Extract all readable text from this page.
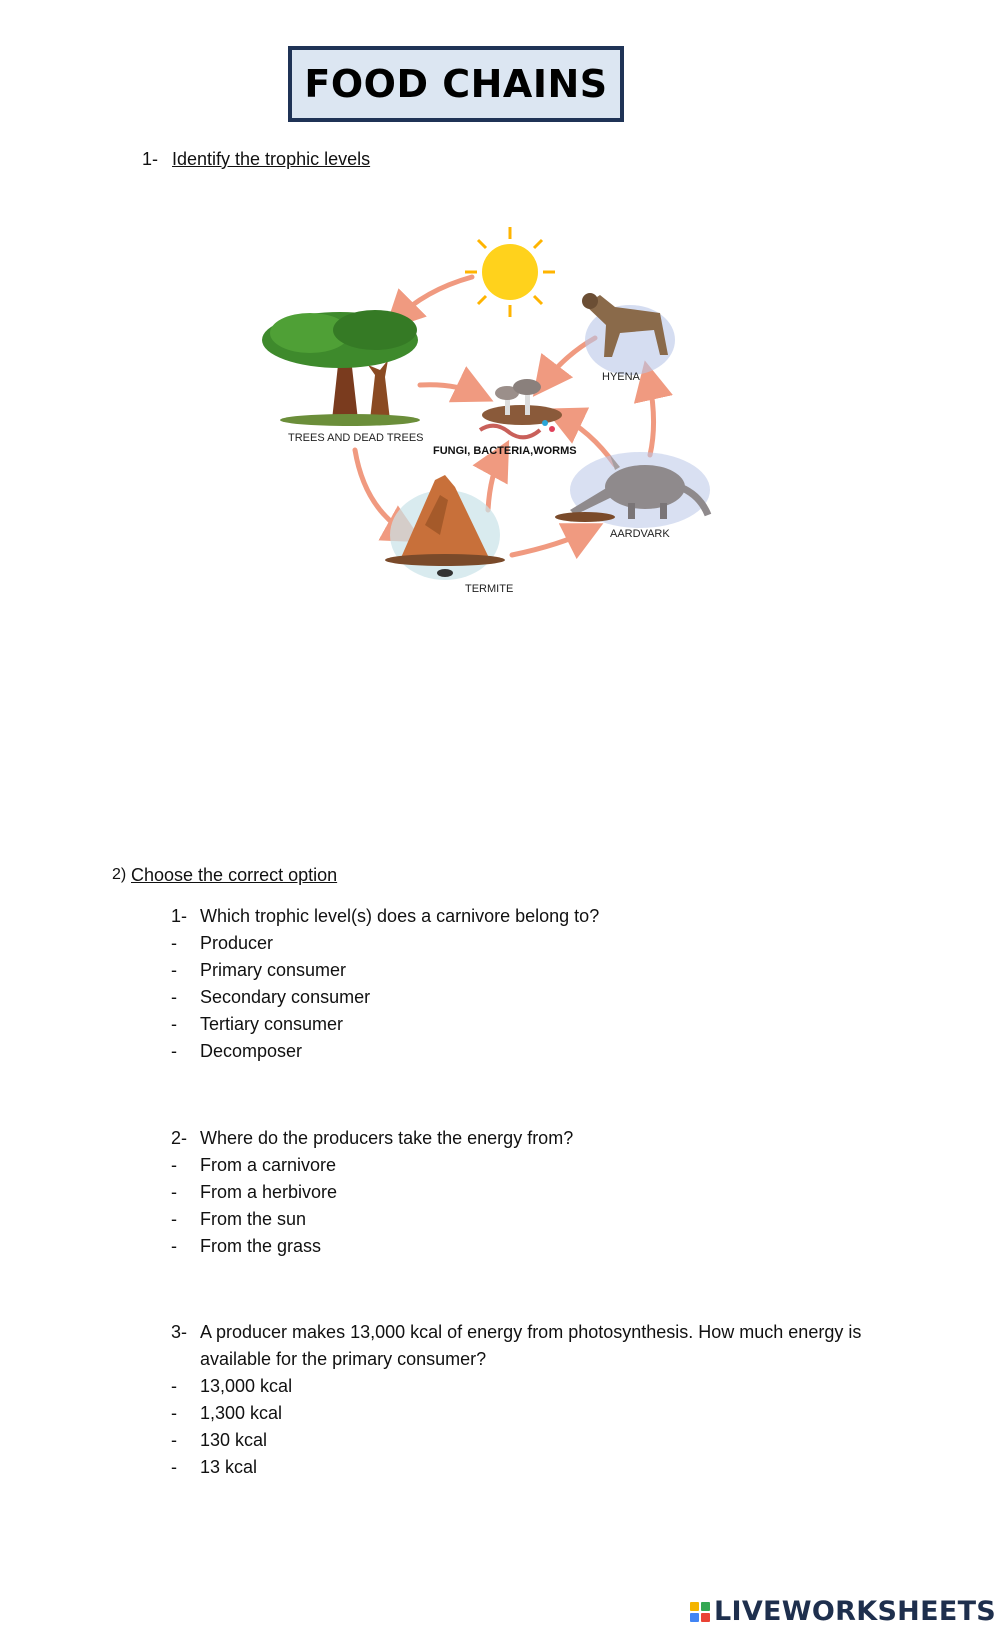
FOOD CHAINS
1- Identify the trophic levels
TREES AND DEAD TREES
FUNGI, BACTERIA,WORMS
HYENA
AARDVARK
TERMITE
2) Choose the correct option
1- Which trophic level(s) does a carnivore belong to?
- Producer
- Primary consumer
- Secondary consumer
- Tertiary consumer
- Decomposer
2- Where do the producers take the energy from?
- From a carnivore
- From a herbivore
- From the sun
- From the grass
3- A producer makes 13,000 kcal of energy from photosynthesis. How much energy is
available for the primary consumer?
- 13,000 kcal
- 1,300 kcal
- 130 kcal
- 13 kcal
LIVEWORKSHEETS
